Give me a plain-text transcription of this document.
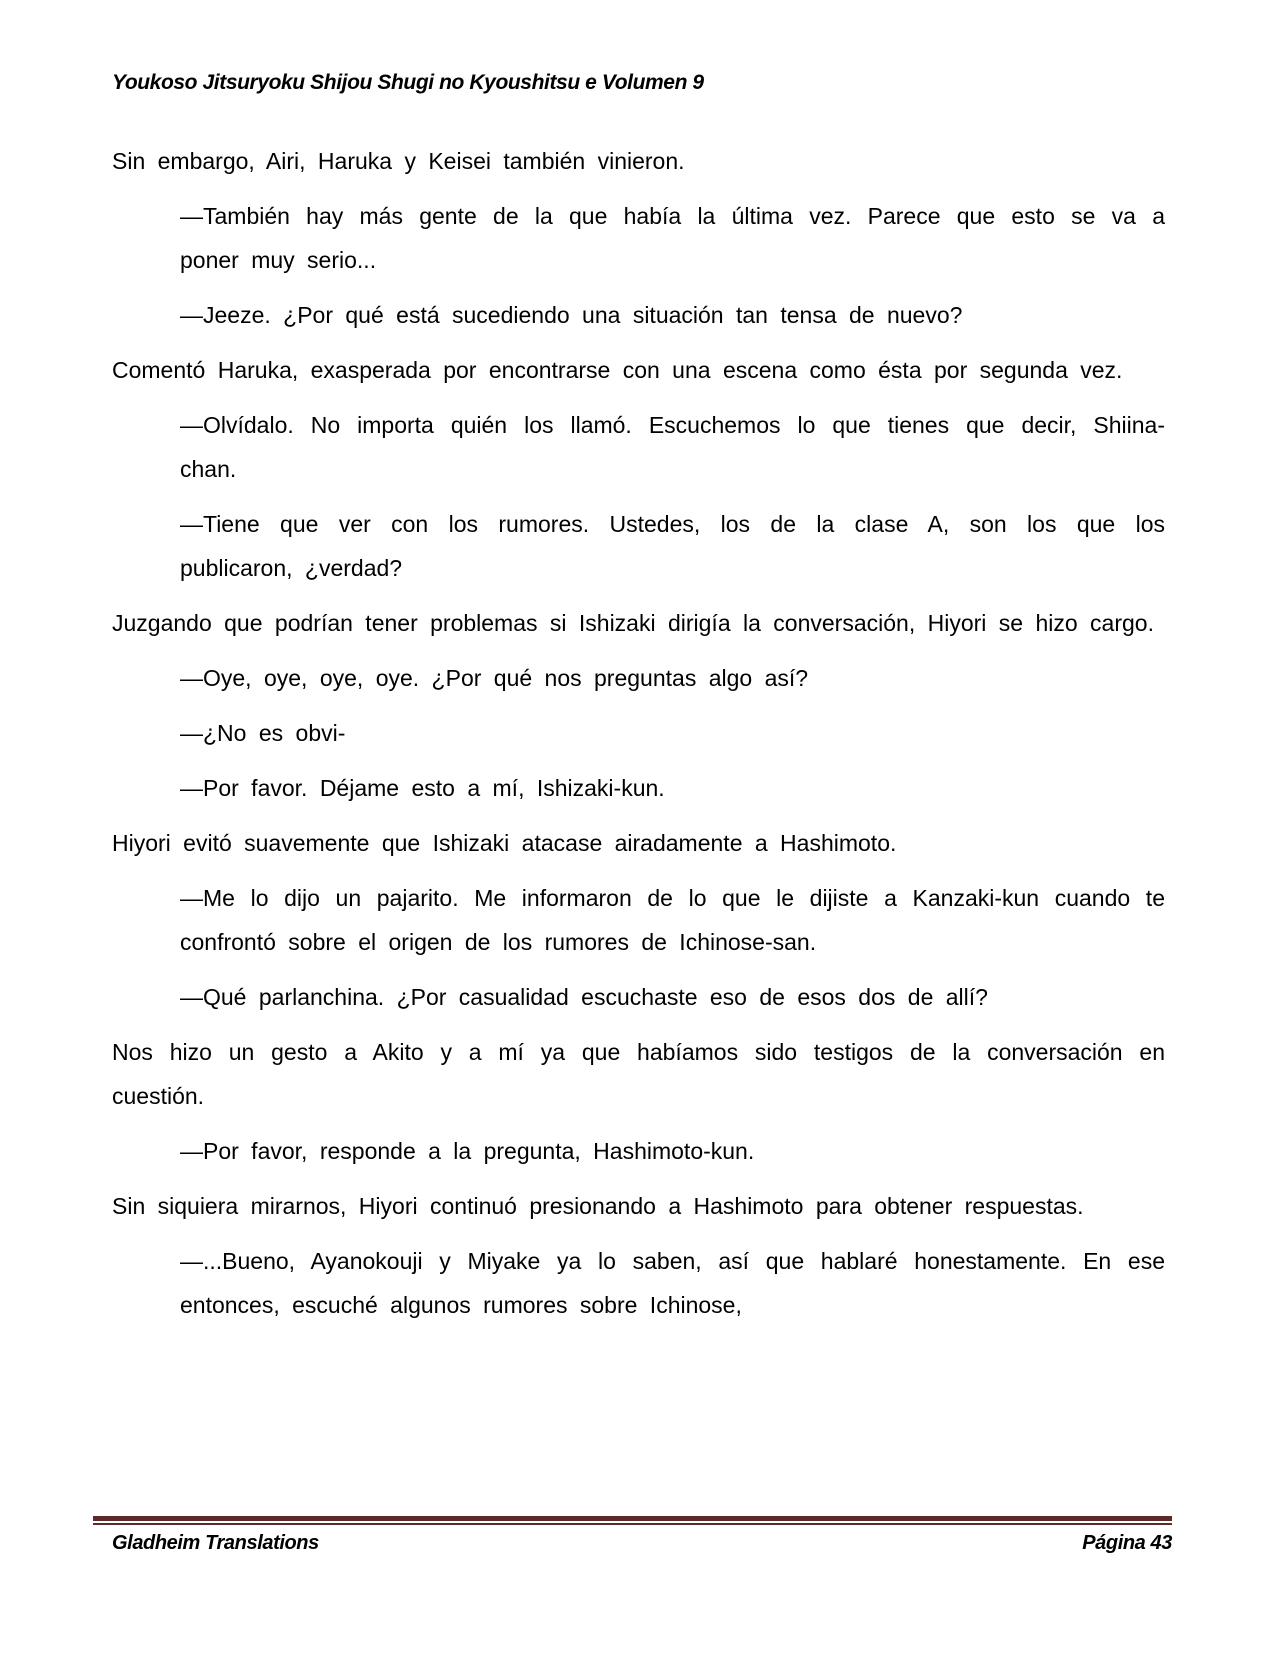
Youkoso Jitsuryoku Shijou Shugi no Kyoushitsu e Volumen 9

Sin embargo, Airi, Haruka y Keisei también vinieron.

—También hay más gente de la que había la última vez. Parece que esto se va a poner muy serio...

—Jeeze. ¿Por qué está sucediendo una situación tan tensa de nuevo?

Comentó Haruka, exasperada por encontrarse con una escena como ésta por segunda vez.

—Olvídalo. No importa quién los llamó. Escuchemos lo que tienes que decir, Shiina-chan.

—Tiene que ver con los rumores. Ustedes, los de la clase A, son los que los publicaron, ¿verdad?

Juzgando que podrían tener problemas si Ishizaki dirigía la conversación, Hiyori se hizo cargo.

—Oye, oye, oye, oye. ¿Por qué nos preguntas algo así?

—¿No es obvi-

—Por favor. Déjame esto a mí, Ishizaki-kun.

Hiyori evitó suavemente que Ishizaki atacase airadamente a Hashimoto.

—Me lo dijo un pajarito. Me informaron de lo que le dijiste a Kanzaki-kun cuando te confrontó sobre el origen de los rumores de Ichinose-san.

—Qué parlanchina. ¿Por casualidad escuchaste eso de esos dos de allí?

Nos hizo un gesto a Akito y a mí ya que habíamos sido testigos de la conversación en cuestión.

—Por favor, responde a la pregunta, Hashimoto-kun.

Sin siquiera mirarnos, Hiyori continuó presionando a Hashimoto para obtener respuestas.

—...Bueno, Ayanokouji y Miyake ya lo saben, así que hablaré honestamente. En ese entonces, escuché algunos rumores sobre Ichinose,

Gladheim Translations	Página 43
